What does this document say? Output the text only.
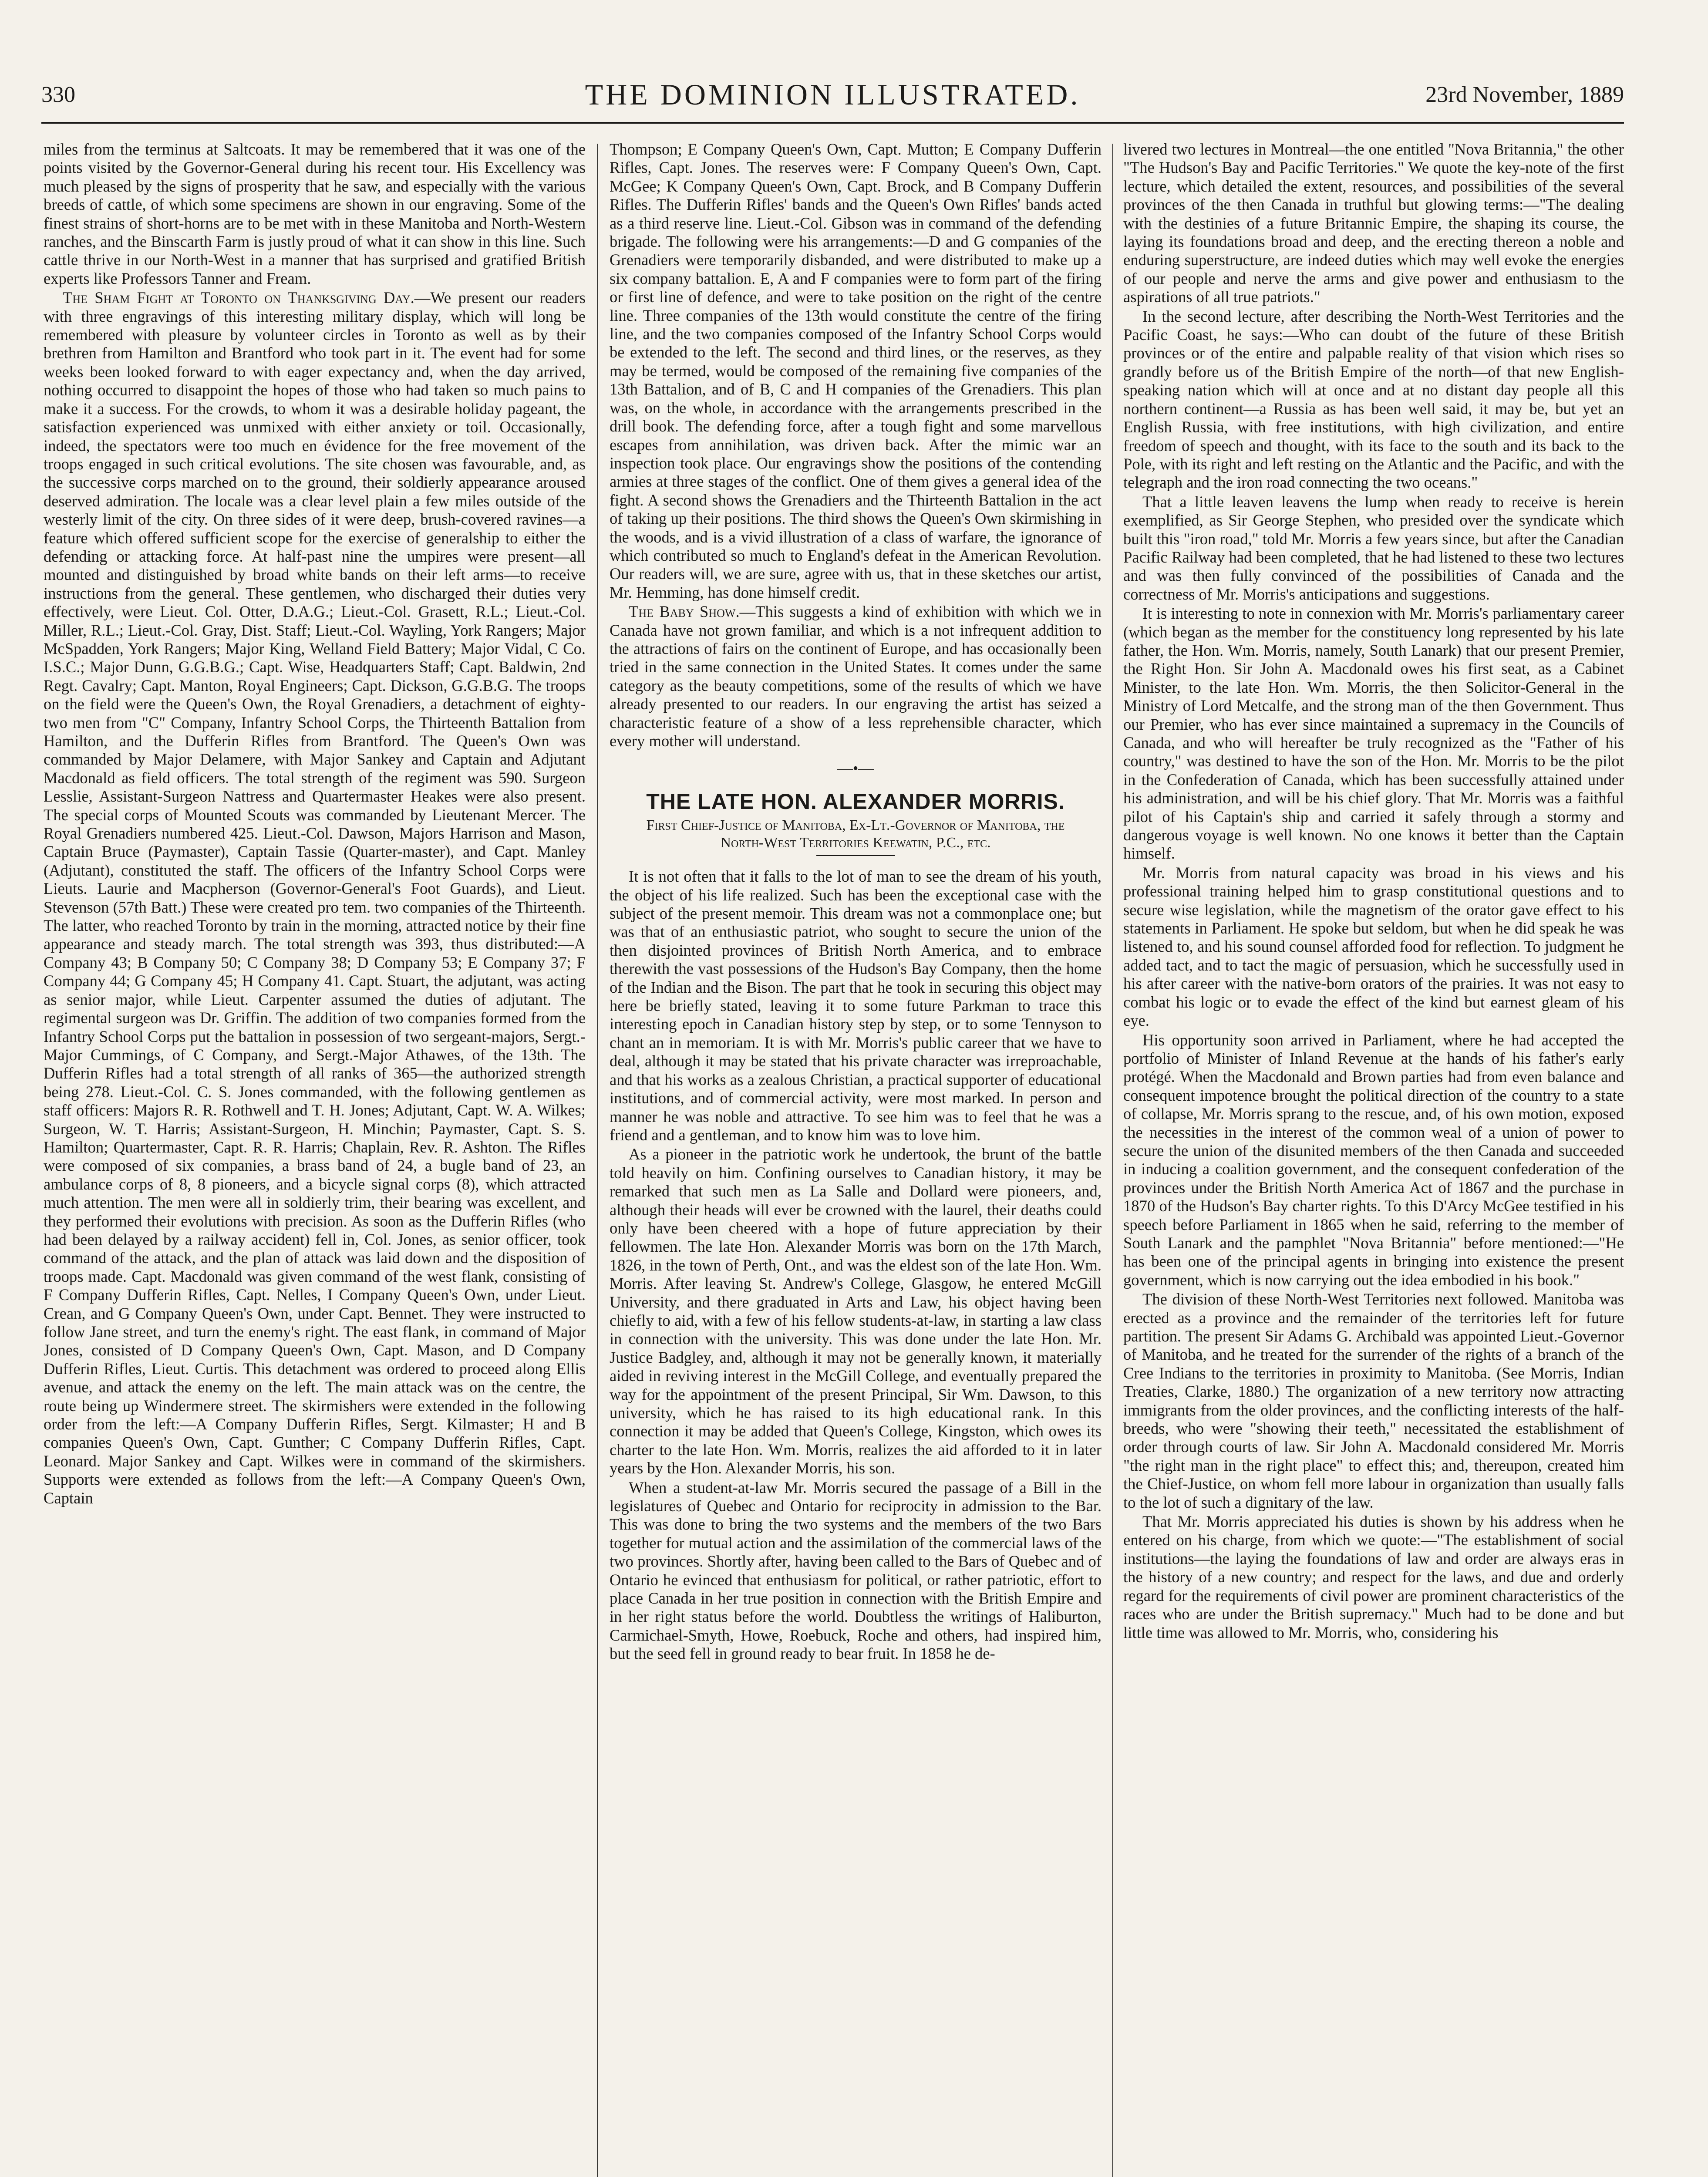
330	THE DOMINION ILLUSTRATED.	23rd November, 1889

miles from the terminus at Saltcoats. It may be remembered that it was one of the points visited by the Governor-General during his recent tour. His Excellency was much pleased by the signs of prosperity that he saw, and especially with the various breeds of cattle, of which some specimens are shown in our engraving. Some of the finest strains of short-horns are to be met with in these Manitoba and North-Western ranches, and the Binscarth Farm is justly proud of what it can show in this line. Such cattle thrive in our North-West in a manner that has surprised and gratified British experts like Professors Tanner and Fream.

The Sham Fight at Toronto on Thanksgiving Day.—We present our readers with three engravings of this interesting military display, which will long be remembered with pleasure by volunteer circles in Toronto as well as by their brethren from Hamilton and Brantford who took part in it. The event had for some weeks been looked forward to with eager expectancy and, when the day arrived, nothing occurred to disappoint the hopes of those who had taken so much pains to make it a success. For the crowds, to whom it was a desirable holiday pageant, the satisfaction experienced was unmixed with either anxiety or toil. Occasionally, indeed, the spectators were too much en évidence for the free movement of the troops engaged in such critical evolutions. The site chosen was favourable, and, as the successive corps marched on to the ground, their soldierly appearance aroused deserved admiration. The locale was a clear level plain a few miles outside of the westerly limit of the city. On three sides of it were deep, brush-covered ravines—a feature which offered sufficient scope for the exercise of generalship to either the defending or attacking force. At half-past nine the umpires were present—all mounted and distinguished by broad white bands on their left arms—to receive instructions from the general. These gentlemen, who discharged their duties very effectively, were Lieut. Col. Otter, D.A.G.; Lieut.-Col. Grasett, R.L.; Lieut.-Col. Miller, R.L.; Lieut.-Col. Gray, Dist. Staff; Lieut.-Col. Wayling, York Rangers; Major McSpadden, York Rangers; Major King, Welland Field Battery; Major Vidal, C Co. I.S.C.; Major Dunn, G.G.B.G.; Capt. Wise, Headquarters Staff; Capt. Baldwin, 2nd Regt. Cavalry; Capt. Manton, Royal Engineers; Capt. Dickson, G.G.B.G. The troops on the field were the Queen's Own, the Royal Grenadiers, a detachment of eighty-two men from "C" Company, Infantry School Corps, the Thirteenth Battalion from Hamilton, and the Dufferin Rifles from Brantford. The Queen's Own was commanded by Major Delamere, with Major Sankey and Captain and Adjutant Macdonald as field officers. The total strength of the regiment was 590. Surgeon Lesslie, Assistant-Surgeon Nattress and Quartermaster Heakes were also present. The special corps of Mounted Scouts was commanded by Lieutenant Mercer. The Royal Grenadiers numbered 425. Lieut.-Col. Dawson, Majors Harrison and Mason, Captain Bruce (Paymaster), Captain Tassie (Quarter-master), and Capt. Manley (Adjutant), constituted the staff. The officers of the Infantry School Corps were Lieuts. Laurie and Macpherson (Governor-General's Foot Guards), and Lieut. Stevenson (57th Batt.) These were created pro tem. two companies of the Thirteenth. The latter, who reached Toronto by train in the morning, attracted notice by their fine appearance and steady march. The total strength was 393, thus distributed:—A Company 43; B Company 50; C Company 38; D Company 53; E Company 37; F Company 44; G Company 45; H Company 41. Capt. Stuart, the adjutant, was acting as senior major, while Lieut. Carpenter assumed the duties of adjutant. The regimental surgeon was Dr. Griffin. The addition of two companies formed from the Infantry School Corps put the battalion in possession of two sergeant-majors, Sergt.-Major Cummings, of C Company, and Sergt.-Major Athawes, of the 13th. The Dufferin Rifles had a total strength of all ranks of 365—the authorized strength being 278. Lieut.-Col. C. S. Jones commanded, with the following gentlemen as staff officers: Majors R. R. Rothwell and T. H. Jones; Adjutant, Capt. W. A. Wilkes; Surgeon, W. T. Harris; Assistant-Surgeon, H. Minchin; Paymaster, Capt. S. S. Hamilton; Quartermaster, Capt. R. R. Harris; Chaplain, Rev. R. Ashton. The Rifles were composed of six companies, a brass band of 24, a bugle band of 23, an ambulance corps of 8, 8 pioneers, and a bicycle signal corps (8), which attracted much attention. The men were all in soldierly trim, their bearing was excellent, and they performed their evolutions with precision. As soon as the Dufferin Rifles (who had been delayed by a railway accident) fell in, Col. Jones, as senior officer, took command of the attack, and the plan of attack was laid down and the disposition of troops made. Capt. Macdonald was given command of the west flank, consisting of F Company Dufferin Rifles, Capt. Nelles, I Company Queen's Own, under Lieut. Crean, and G Company Queen's Own, under Capt. Bennet. They were instructed to follow Jane street, and turn the enemy's right. The east flank, in command of Major Jones, consisted of D Company Queen's Own, Capt. Mason, and D Company Dufferin Rifles, Lieut. Curtis. This detachment was ordered to proceed along Ellis avenue, and attack the enemy on the left. The main attack was on the centre, the route being up Windermere street. The skirmishers were extended in the following order from the left:—A Company Dufferin Rifles, Sergt. Kilmaster; H and B companies Queen's Own, Capt. Gunther; C Company Dufferin Rifles, Capt. Leonard. Major Sankey and Capt. Wilkes were in command of the skirmishers. Supports were extended as follows from the left:—A Company Queen's Own, Captain

Thompson; E Company Queen's Own, Capt. Mutton; E Company Dufferin Rifles, Capt. Jones. The reserves were: F Company Queen's Own, Capt. McGee; K Company Queen's Own, Capt. Brock, and B Company Dufferin Rifles. The Dufferin Rifles' bands and the Queen's Own Rifles' bands acted as a third reserve line. Lieut.-Col. Gibson was in command of the defending brigade. The following were his arrangements:—D and G companies of the Grenadiers were temporarily disbanded, and were distributed to make up a six company battalion. E, A and F companies were to form part of the firing or first line of defence, and were to take position on the right of the centre line. Three companies of the 13th would constitute the centre of the firing line, and the two companies composed of the Infantry School Corps would be extended to the left. The second and third lines, or the reserves, as they may be termed, would be composed of the remaining five companies of the 13th Battalion, and of B, C and H companies of the Grenadiers. This plan was, on the whole, in accordance with the arrangements prescribed in the drill book. The defending force, after a tough fight and some marvellous escapes from annihilation, was driven back. After the mimic war an inspection took place. Our engravings show the positions of the contending armies at three stages of the conflict. One of them gives a general idea of the fight. A second shows the Grenadiers and the Thirteenth Battalion in the act of taking up their positions. The third shows the Queen's Own skirmishing in the woods, and is a vivid illustration of a class of warfare, the ignorance of which contributed so much to England's defeat in the American Revolution. Our readers will, we are sure, agree with us, that in these sketches our artist, Mr. Hemming, has done himself credit.

The Baby Show.—This suggests a kind of exhibition with which we in Canada have not grown familiar, and which is a not infrequent addition to the attractions of fairs on the continent of Europe, and has occasionally been tried in the same connection in the United States. It comes under the same category as the beauty competitions, some of the results of which we have already presented to our readers. In our engraving the artist has seized a characteristic feature of a show of a less reprehensible character, which every mother will understand.

—•—
THE LATE HON. ALEXANDER MORRIS.
First Chief-Justice of Manitoba, Ex-Lt.-Governor of Manitoba, the North-West Territories Keewatin, P.C., etc.

It is not often that it falls to the lot of man to see the dream of his youth, the object of his life realized. Such has been the exceptional case with the subject of the present memoir. This dream was not a commonplace one; but was that of an enthusiastic patriot, who sought to secure the union of the then disjointed provinces of British North America, and to embrace therewith the vast possessions of the Hudson's Bay Company, then the home of the Indian and the Bison. The part that he took in securing this object may here be briefly stated, leaving it to some future Parkman to trace this interesting epoch in Canadian history step by step, or to some Tennyson to chant an in memoriam. It is with Mr. Morris's public career that we have to deal, although it may be stated that his private character was irreproachable, and that his works as a zealous Christian, a practical supporter of educational institutions, and of commercial activity, were most marked. In person and manner he was noble and attractive. To see him was to feel that he was a friend and a gentleman, and to know him was to love him.

As a pioneer in the patriotic work he undertook, the brunt of the battle told heavily on him. Confining ourselves to Canadian history, it may be remarked that such men as La Salle and Dollard were pioneers, and, although their heads will ever be crowned with the laurel, their deaths could only have been cheered with a hope of future appreciation by their fellowmen. The late Hon. Alexander Morris was born on the 17th March, 1826, in the town of Perth, Ont., and was the eldest son of the late Hon. Wm. Morris. After leaving St. Andrew's College, Glasgow, he entered McGill University, and there graduated in Arts and Law, his object having been chiefly to aid, with a few of his fellow students-at-law, in starting a law class in connection with the university. This was done under the late Hon. Mr. Justice Badgley, and, although it may not be generally known, it materially aided in reviving interest in the McGill College, and eventually prepared the way for the appointment of the present Principal, Sir Wm. Dawson, to this university, which he has raised to its high educational rank. In this connection it may be added that Queen's College, Kingston, which owes its charter to the late Hon. Wm. Morris, realizes the aid afforded to it in later years by the Hon. Alexander Morris, his son.

When a student-at-law Mr. Morris secured the passage of a Bill in the legislatures of Quebec and Ontario for reciprocity in admission to the Bar. This was done to bring the two systems and the members of the two Bars together for mutual action and the assimilation of the commercial laws of the two provinces. Shortly after, having been called to the Bars of Quebec and of Ontario he evinced that enthusiasm for political, or rather patriotic, effort to place Canada in her true position in connection with the British Empire and in her right status before the world. Doubtless the writings of Haliburton, Carmichael-Smyth, Howe, Roebuck, Roche and others, had inspired him, but the seed fell in ground ready to bear fruit. In 1858 he de-

livered two lectures in Montreal—the one entitled "Nova Britannia," the other "The Hudson's Bay and Pacific Territories." We quote the key-note of the first lecture, which detailed the extent, resources, and possibilities of the several provinces of the then Canada in truthful but glowing terms:—"The dealing with the destinies of a future Britannic Empire, the shaping its course, the laying its foundations broad and deep, and the erecting thereon a noble and enduring superstructure, are indeed duties which may well evoke the energies of our people and nerve the arms and give power and enthusiasm to the aspirations of all true patriots."

In the second lecture, after describing the North-West Territories and the Pacific Coast, he says:—Who can doubt of the future of these British provinces or of the entire and palpable reality of that vision which rises so grandly before us of the British Empire of the north—of that new English-speaking nation which will at once and at no distant day people all this northern continent—a Russia as has been well said, it may be, but yet an English Russia, with free institutions, with high civilization, and entire freedom of speech and thought, with its face to the south and its back to the Pole, with its right and left resting on the Atlantic and the Pacific, and with the telegraph and the iron road connecting the two oceans."

That a little leaven leavens the lump when ready to receive is herein exemplified, as Sir George Stephen, who presided over the syndicate which built this "iron road," told Mr. Morris a few years since, but after the Canadian Pacific Railway had been completed, that he had listened to these two lectures and was then fully convinced of the possibilities of Canada and the correctness of Mr. Morris's anticipations and suggestions.

It is interesting to note in connexion with Mr. Morris's parliamentary career (which began as the member for the constituency long represented by his late father, the Hon. Wm. Morris, namely, South Lanark) that our present Premier, the Right Hon. Sir John A. Macdonald owes his first seat, as a Cabinet Minister, to the late Hon. Wm. Morris, the then Solicitor-General in the Ministry of Lord Metcalfe, and the strong man of the then Government. Thus our Premier, who has ever since maintained a supremacy in the Councils of Canada, and who will hereafter be truly recognized as the "Father of his country," was destined to have the son of the Hon. Mr. Morris to be the pilot in the Confederation of Canada, which has been successfully attained under his administration, and will be his chief glory. That Mr. Morris was a faithful pilot of his Captain's ship and carried it safely through a stormy and dangerous voyage is well known. No one knows it better than the Captain himself.

Mr. Morris from natural capacity was broad in his views and his professional training helped him to grasp constitutional questions and to secure wise legislation, while the magnetism of the orator gave effect to his statements in Parliament. He spoke but seldom, but when he did speak he was listened to, and his sound counsel afforded food for reflection. To judgment he added tact, and to tact the magic of persuasion, which he successfully used in his after career with the native-born orators of the prairies. It was not easy to combat his logic or to evade the effect of the kind but earnest gleam of his eye.

His opportunity soon arrived in Parliament, where he had accepted the portfolio of Minister of Inland Revenue at the hands of his father's early protégé. When the Macdonald and Brown parties had from even balance and consequent impotence brought the political direction of the country to a state of collapse, Mr. Morris sprang to the rescue, and, of his own motion, exposed the necessities in the interest of the common weal of a union of power to secure the union of the disunited members of the then Canada and succeeded in inducing a coalition government, and the consequent confederation of the provinces under the British North America Act of 1867 and the purchase in 1870 of the Hudson's Bay charter rights. To this D'Arcy McGee testified in his speech before Parliament in 1865 when he said, referring to the member of South Lanark and the pamphlet "Nova Britannia" before mentioned:—"He has been one of the principal agents in bringing into existence the present government, which is now carrying out the idea embodied in his book."

The division of these North-West Territories next followed. Manitoba was erected as a province and the remainder of the territories left for future partition. The present Sir Adams G. Archibald was appointed Lieut.-Governor of Manitoba, and he treated for the surrender of the rights of a branch of the Cree Indians to the territories in proximity to Manitoba. (See Morris, Indian Treaties, Clarke, 1880.) The organization of a new territory now attracting immigrants from the older provinces, and the conflicting interests of the half-breeds, who were "showing their teeth," necessitated the establishment of order through courts of law. Sir John A. Macdonald considered Mr. Morris "the right man in the right place" to effect this; and, thereupon, created him the Chief-Justice, on whom fell more labour in organization than usually falls to the lot of such a dignitary of the law.

That Mr. Morris appreciated his duties is shown by his address when he entered on his charge, from which we quote:—"The establishment of social institutions—the laying the foundations of law and order are always eras in the history of a new country; and respect for the laws, and due and orderly regard for the requirements of civil power are prominent characteristics of the races who are under the British supremacy." Much had to be done and but little time was allowed to Mr. Morris, who, considering his
